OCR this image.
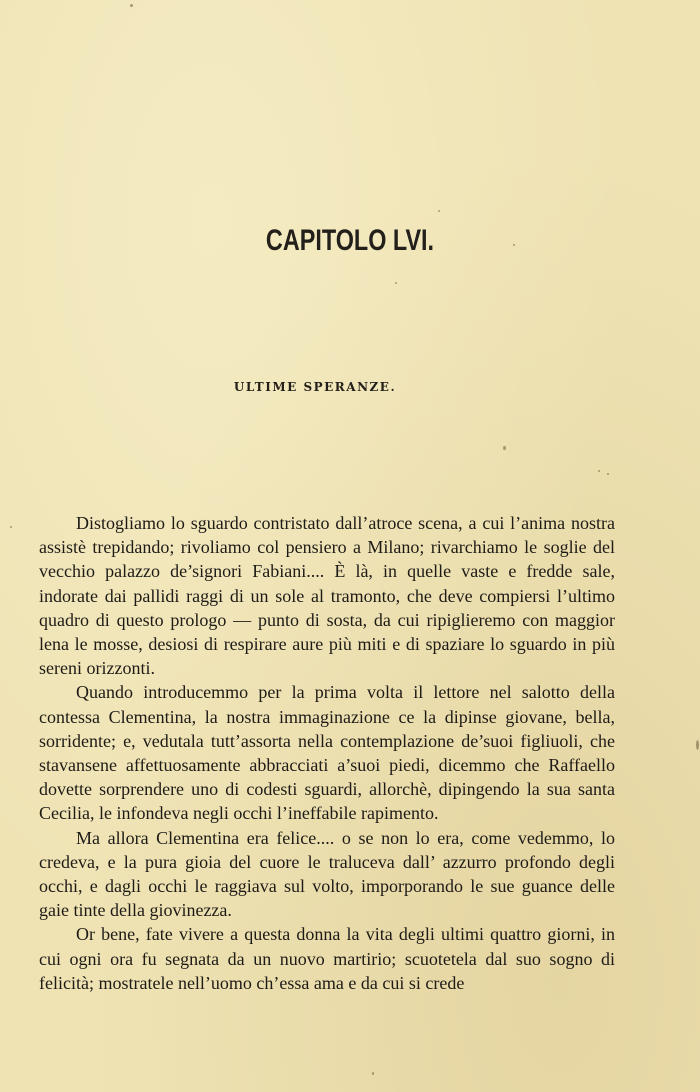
CAPITOLO LVI.
ULTIME SPERANZE.

Distogliamo lo sguardo contristato dall’atroce scena, a cui l’anima nostra assistè trepidando; rivoliamo col pensiero a Milano; rivarchiamo le soglie del vecchio palazzo de’signori Fabiani.... È là, in quelle vaste e fredde sale, indorate dai pallidi raggi di un sole al tramonto, che deve compiersi l’ultimo quadro di questo prologo — punto di sosta, da cui ripiglieremo con maggior lena le mosse, desiosi di respirare aure più miti e di spaziare lo sguardo in più sereni orizzonti.

Quando introducemmo per la prima volta il lettore nel salotto della contessa Clementina, la nostra immaginazione ce la dipinse giovane, bella, sorridente; e, vedutala tutt’assorta nella contemplazione de’suoi figliuoli, che stavansene affettuosamente abbracciati a’suoi piedi, dicemmo che Raffaello dovette sorprendere uno di codesti sguardi, allorchè, dipingendo la sua santa Cecilia, le infondeva negli occhi l’ineffabile rapimento.

Ma allora Clementina era felice.... o se non lo era, come vedemmo, lo credeva, e la pura gioia del cuore le traluceva dall’ azzurro profondo degli occhi, e dagli occhi le raggiava sul volto, imporporando le sue guance delle gaie tinte della giovinezza.

Or bene, fate vivere a questa donna la vita degli ultimi quattro giorni, in cui ogni ora fu segnata da un nuovo martirio; scuotetela dal suo sogno di felicità; mostratele nell’uomo ch’essa ama e da cui si crede
